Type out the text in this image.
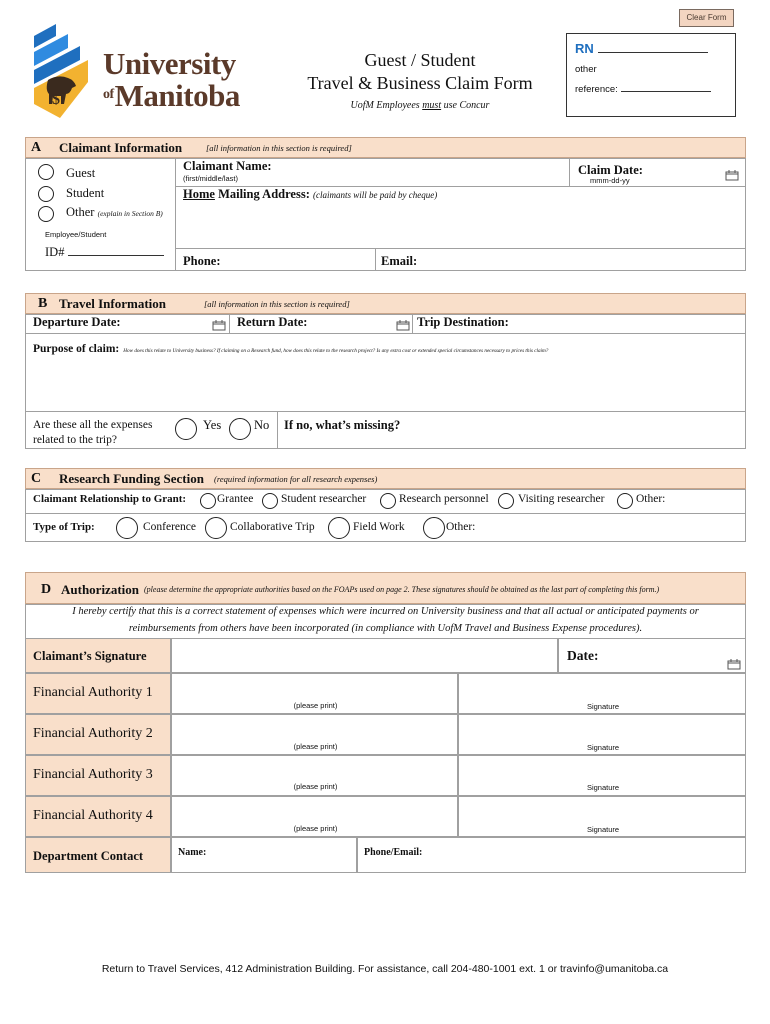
Clear Form
$
University
$^{of}$Manitoba
Guest / Student
Travel & Business Claim Form
UofM Employees must use Concur
RN
other
reference:
A Claimant Information	[all information in this section is required]
Guest
Student
Other (explain in Section B)
Employee/Student
ID#
Claimant Name:
(first/middle/last)
Claim Date:
mmm-dd-yy
Home Mailing Address: (claimants will be paid by cheque)
Phone:	Email:
B Travel Information	[all information in this section is required]
Departure Date:	Return Date:	Trip Destination:
Purpose of claim: How does this relate to University business? If claiming on a Research fund, how does this relate to the research project? Is any extra cost or extended special circumstances necessary to prices this claim?
Are these all the expenses
related to the trip?
Yes	No If no, what’s missing?
C Research Funding Section (required information for all research expenses)
Claimant Relationship to Grant:	Grantee Student researcher	Research personnel	Visiting researcher	Other:
Type of Trip:	Conference	Collaborative Trip	Field Work	Other:
D Authorization (please determine the appropriate authorities based on the FOAPs used on page 2. These signatures should be obtained as the last part of completing this form.)
I hereby certify that this is a correct statement of expenses which were incurred on University business and that all actual or anticipated payments or
reimbursements from others have been incorporated (in compliance with UofM Travel and Business Expense procedures).
Claimant’s Signature	Date:
Financial Authority 1
(please print)	Signature
Financial Authority 2
(please print)	Signature
Financial Authority 3
(please print)	Signature
Financial Authority 4
(please print)	Signature
Department Contact	Name:	Phone/Email:
Return to Travel Services, 412 Administration Building. For assistance, call 204-480-1001 ext. 1 or travinfo@umanitoba.ca
